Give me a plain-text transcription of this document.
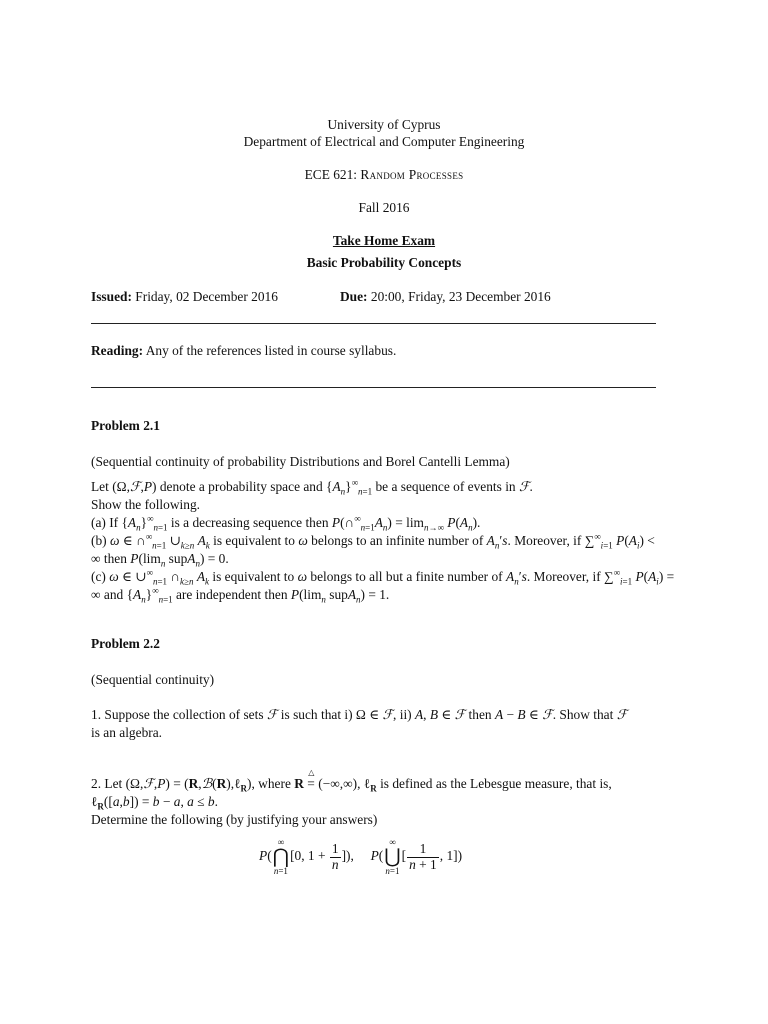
University of Cyprus
Department of Electrical and Computer Engineering
ECE 621: Random Processes
Fall 2016
Take Home Exam
Basic Probability Concepts
Issued: Friday, 02 December 2016	Due: 20:00, Friday, 23 December 2016
Reading: Any of the references listed in course syllabus.
Problem 2.1
(Sequential continuity of probability Distributions and Borel Cantelli Lemma)
Let (Ω,ℱ,P) denote a probability space and $\{A_n\}^\infty_{n=1}$ be a sequence of events in ℱ.
Show the following.
(a) If $\{A_n\}^\infty_{n=1}$ is a decreasing sequence then $P(\cap^\infty_{n=1}A_n) = \lim_{n\to\infty} P(A_n)$.
(b) ω ∈ $\cap^\infty_{n=1}$ $\cup_{k\ge n}$ $A_k$ is equivalent to ω belongs to an infinite number of $A_n's$. Moreover, if $\sum^\infty_{i=1}$ $P(A_i)$ <
∞ then $P(\lim_n$ supA$_n$) = 0.
(c) ω ∈ $\cup^\infty_{n=1}$ $\cap_{k\ge n}$ $A_k$ is equivalent to ω belongs to all but a finite number of $A_n's$. Moreover, if $\sum^\infty_{i=1}$ $P(A_i)$ =
∞ and $\{A_n\}^\infty_{n=1}$ are independent then $P(\lim_n$ supA$_n$) = 1.
Problem 2.2
(Sequential continuity)
1. Suppose the collection of sets ℱ is such that i) Ω ∈ ℱ, ii) A, B ∈ ℱ then A − B ∈ ℱ. Show that ℱ
is an algebra.
2. Let (Ω,ℱ,P) = (R,ℬ(R),ℓ$_R$), where R
△
= (−∞,∞), ℓ$_R$ is defined as the Lebesgue measure, that is,
ℓ$_R$([a,b]) = b − a, a ≤ b.
Determine the following (by justifying your answers)
P(
∞
⋂
n=1
[0, $1 + \frac{1}{n}$ ]),     P(
∞
⋃
n=1
[ $\frac{1}{n + 1}$ , 1])
